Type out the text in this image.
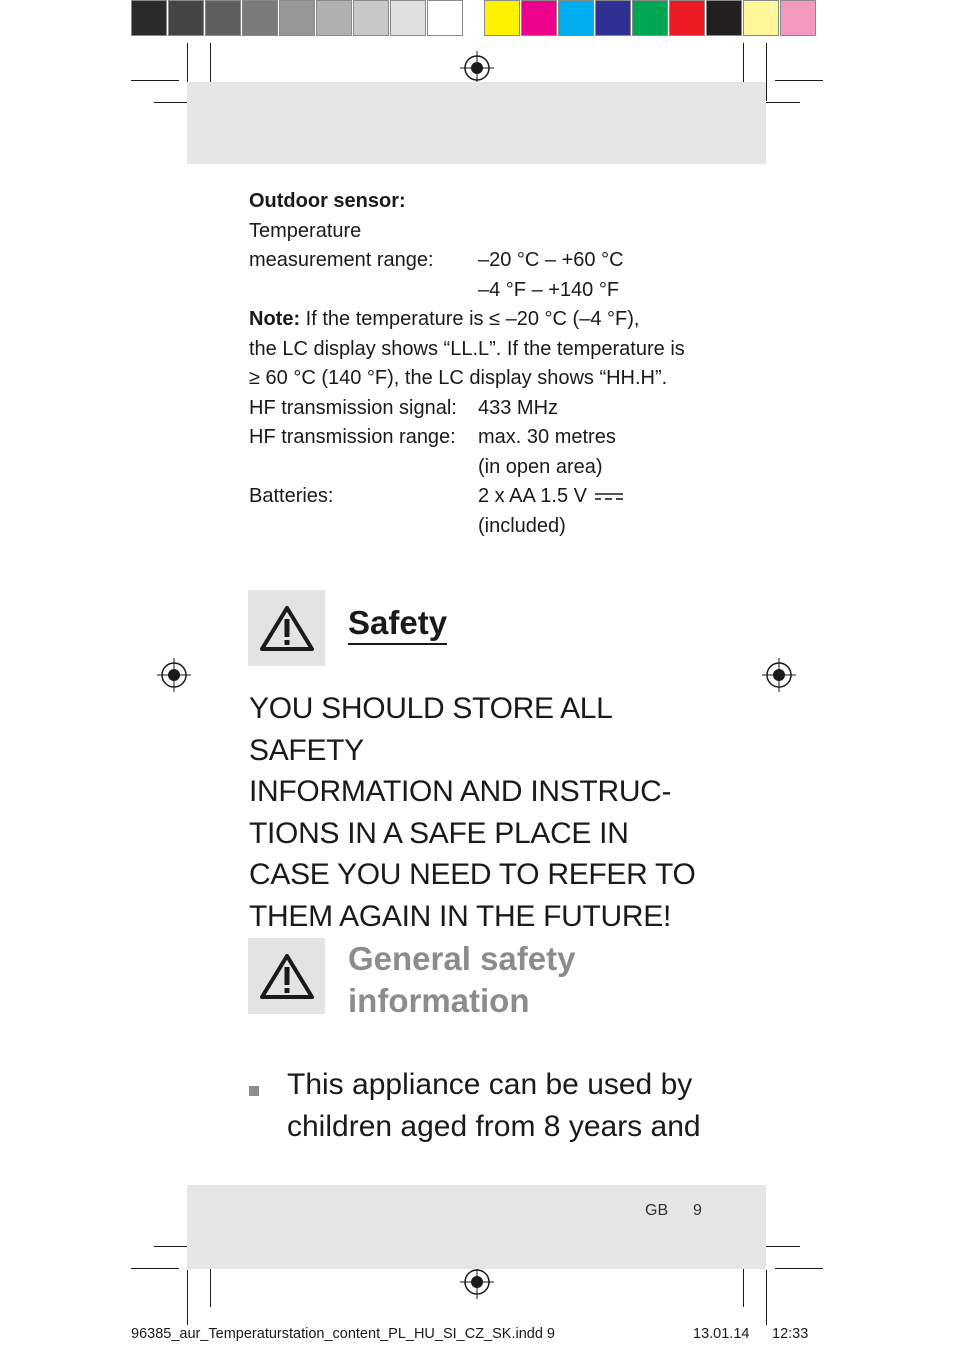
Outdoor sensor:
Temperature
measurement range: –20 °C – +60 °C
–4 °F – +140 °F
Note: If the temperature is ≤ –20 °C (–4 °F),
the LC display shows “LL.L”. If the temperature is
≥ 60 °C (140 °F), the LC display shows “HH.H”.
HF transmission signal: 433 MHz
HF transmission range: max. 30 metres
(in open area)
Batteries:	2 x AA 1.5 V
(included)
Safety
YOU SHOULD STORE ALL SAFETY
INFORMATION AND INSTRUC-
TIONS IN A SAFE PLACE IN
CASE YOU NEED TO REFER TO
THEM AGAIN IN THE FUTURE!
General safety
information
This appliance can be used by
children aged from 8 years and
GB 9
96385_aur_Temperaturstation_content_PL_HU_SI_CZ_SK.indd 9	13.01.14 12:33
